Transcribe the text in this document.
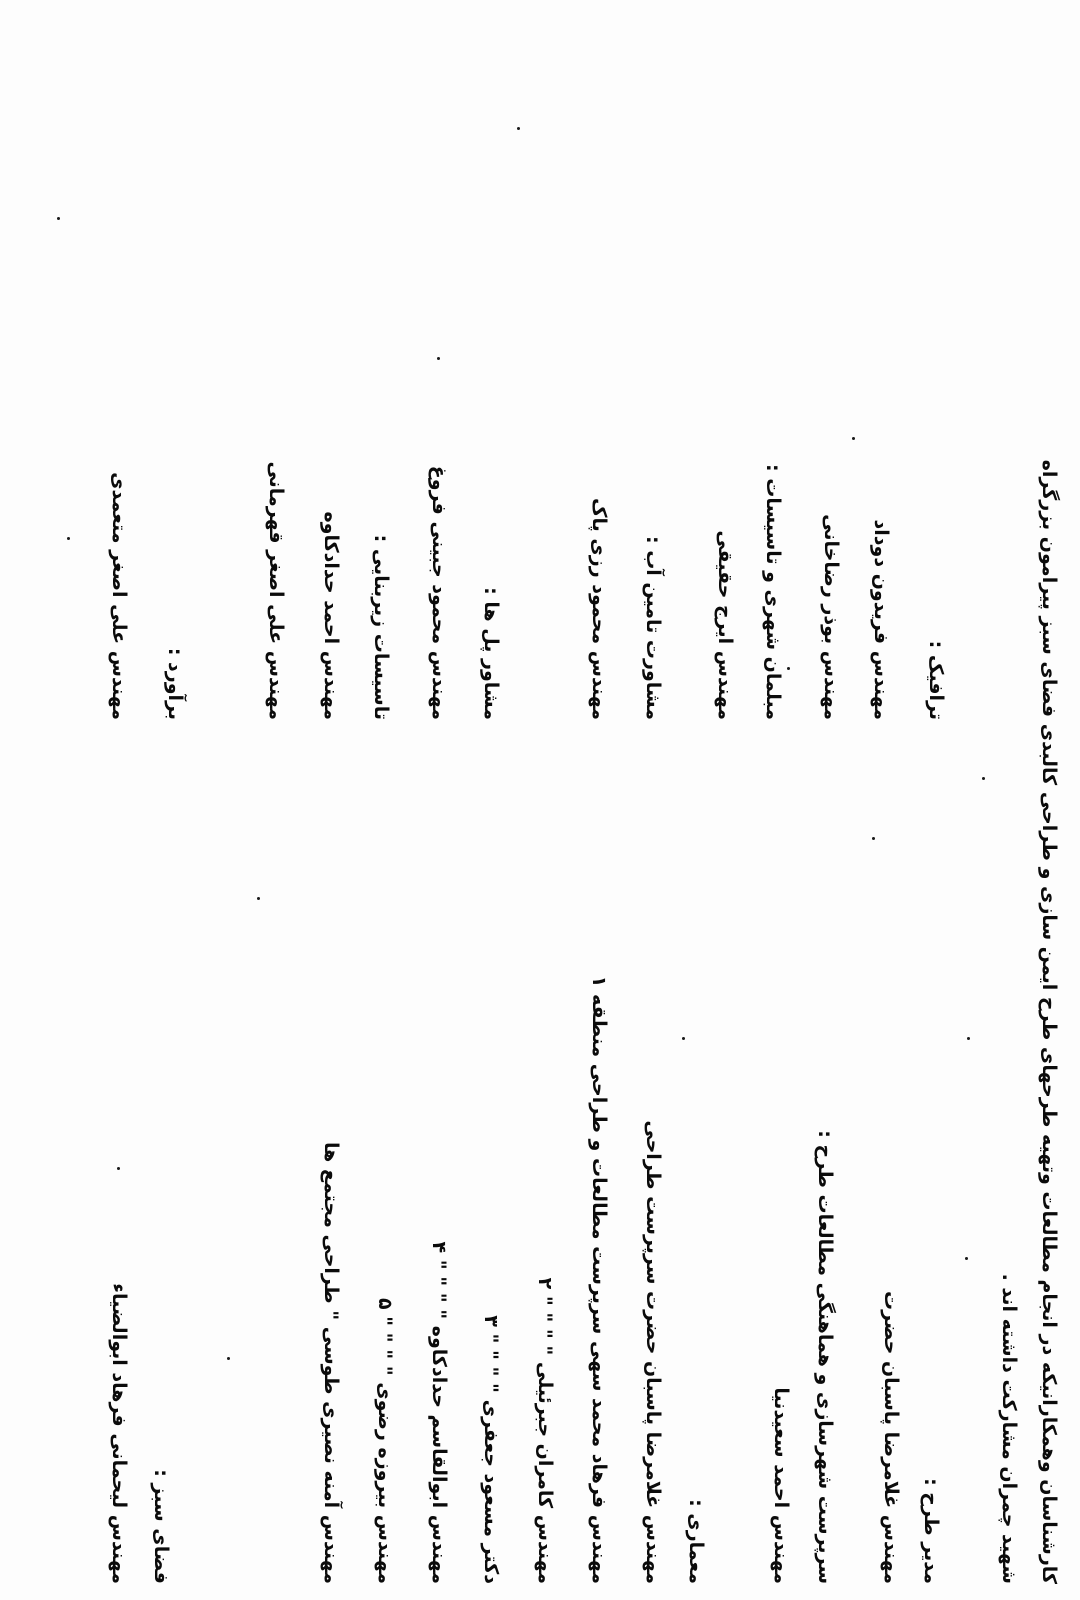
کارشناسان وهمکارانیکه در انجام مطالعات وتهیه طرحهای طرح ایمن سازی و طراحی کالبدی فضای سبز پیرامون بزرگراه
شهید چمران مشارکت داشته اند .
مدیر طرح :
مهندس غلامرضا پاسبان حضرت
سرپرست شهرسازی و هماهنگی مطالعات طرح :
مهندس احمد سعیدنیا
معماری :
مهندس غلامرضا پاسبان حضرت سرپرست طراحی
مهندس فرهاد محمد سهی سرپرست مطالعات و طراحی منطقه ۱
مهندس کامران جبرئیلی " " " " ۲
دکتر مسعود جعفری " " " " ۳
مهندس ابوالقاسم حدادکاوه " " " " ۴
مهندس بیروزه رضوی " " " " ۵
مهندس آمنه نصیری طوسی " طراحی مجتمع ها
فضای سبز :
مهندس لیحمانی فرهاد ابوالضیاء
ترافیک :
مهندس فریدون دوداد
مهندس بوذر رضاخانی
مبلمان شهری و تاسیسات :
مهندس ایرج حقیقی
مشاورت تامین آب :
مهندس محمود رزی پاک
مشاور پل ها :
مهندس محمود جبینی فروغ
تاسیسات زیربنایی :
مهندس احمد حدادکاوه
مهندس علی اصغر قهرمانی
برآورد :
مهندس علی اصغر متعمدی
